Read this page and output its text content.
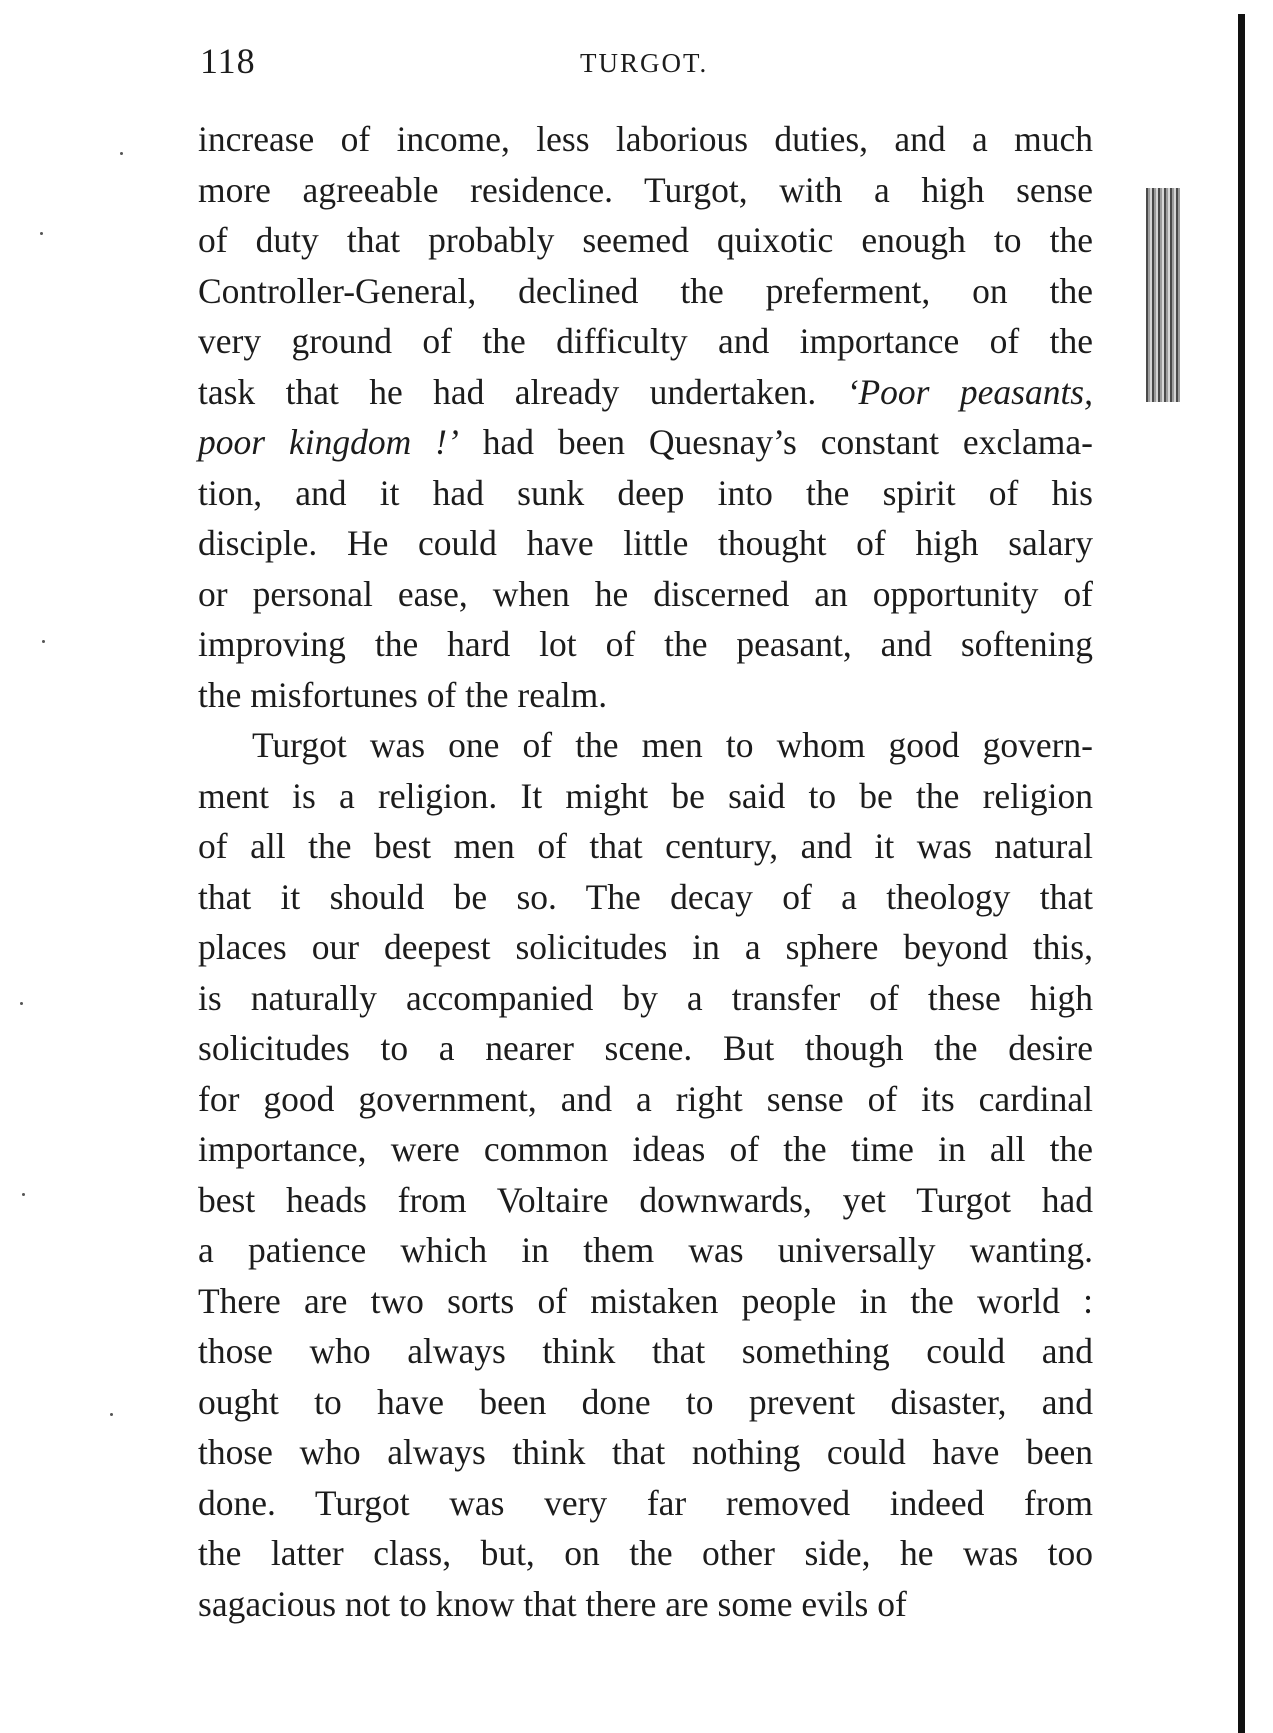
118	TURGOT.
increase of income, less laborious duties, and a much
more agreeable residence. Turgot, with a high sense
of duty that probably seemed quixotic enough to the
Controller-General, declined the preferment, on the
very ground of the difficulty and importance of the
task that he had already undertaken. ‘Poor peasants,
poor kingdom !’ had been Quesnay’s constant exclama-
tion, and it had sunk deep into the spirit of his
disciple. He could have little thought of high salary
or personal ease, when he discerned an opportunity of
improving the hard lot of the peasant, and softening
the misfortunes of the realm.
Turgot was one of the men to whom good govern-
ment is a religion. It might be said to be the religion
of all the best men of that century, and it was natural
that it should be so. The decay of a theology that
places our deepest solicitudes in a sphere beyond this,
is naturally accompanied by a transfer of these high
solicitudes to a nearer scene. But though the desire
for good government, and a right sense of its cardinal
importance, were common ideas of the time in all the
best heads from Voltaire downwards, yet Turgot had
a patience which in them was universally wanting.
There are two sorts of mistaken people in the world :
those who always think that something could and
ought to have been done to prevent disaster, and
those who always think that nothing could have been
done. Turgot was very far removed indeed from
the latter class, but, on the other side, he was too
sagacious not to know that there are some evils of
